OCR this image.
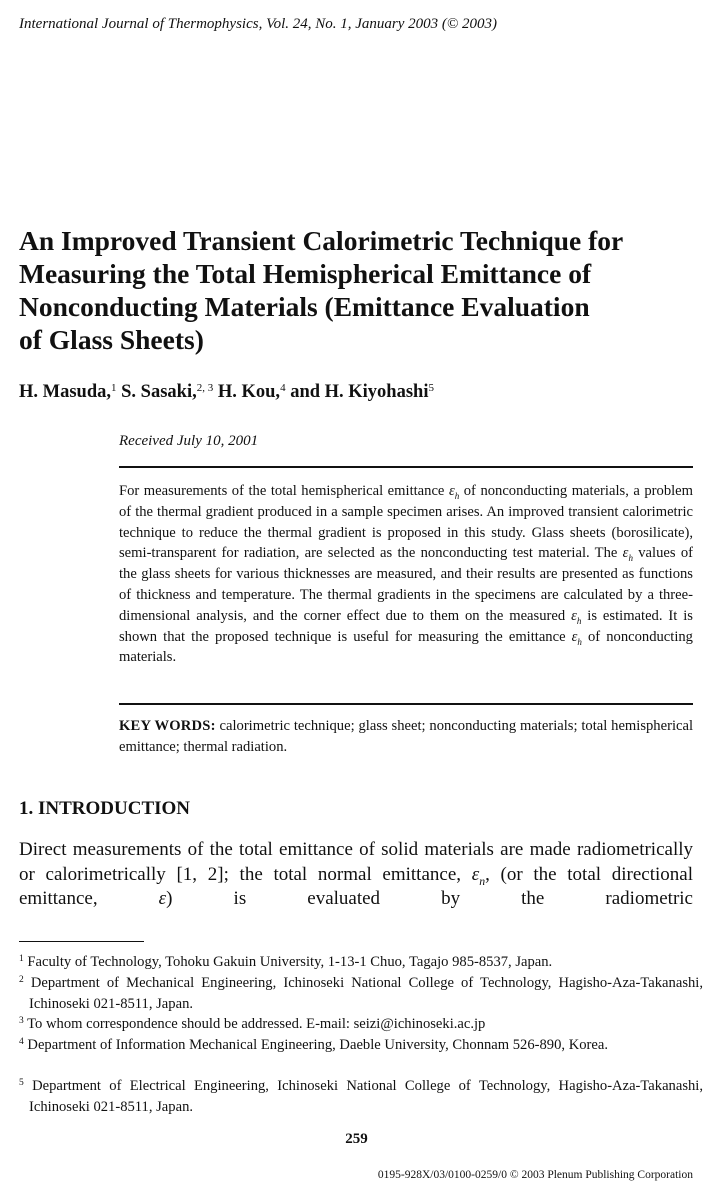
International Journal of Thermophysics, Vol. 24, No. 1, January 2003 (© 2003)
An Improved Transient Calorimetric Technique for
Measuring the Total Hemispherical Emittance of
Nonconducting Materials (Emittance Evaluation
of Glass Sheets)
H. Masuda,$^1$ S. Sasaki,$^{2, 3}$ H. Kou,$^4$ and H. Kiyohashi$^5$
Received July 10, 2001
For measurements of the total hemispherical emittance $\varepsilon_h$ of nonconducting materials, a problem of the thermal gradient produced in a sample specimen arises. An improved transient calorimetric technique to reduce the thermal gradient is proposed in this study. Glass sheets (borosilicate), semi-transparent for radiation, are selected as the nonconducting test material. The $\varepsilon_h$ values of the glass sheets for various thicknesses are measured, and their results are presented as functions of thickness and temperature. The thermal gradients in the specimens are calculated by a three-dimensional analysis, and the corner effect due to them on the measured $\varepsilon_h$ is estimated. It is shown that the proposed technique is useful for measuring the emittance $\varepsilon_h$ of nonconducting materials.
KEY WORDS: calorimetric technique; glass sheet; nonconducting materials; total hemispherical emittance; thermal radiation.
1. INTRODUCTION
Direct measurements of the total emittance of solid materials are made radiometrically or calorimetrically [1, 2]; the total normal emittance, $\varepsilon_n$, (or the total directional emittance, ε) is evaluated by the radiometric
$^1$ Faculty of Technology, Tohoku Gakuin University, 1-13-1 Chuo, Tagajo 985-8537, Japan.
$^2$ Department of Mechanical Engineering, Ichinoseki National College of Technology, Hagisho-Aza-Takanashi, Ichinoseki 021-8511, Japan.
$^3$ To whom correspondence should be addressed. E-mail: seizi@ichinoseki.ac.jp
$^4$ Department of Information Mechanical Engineering, Daeble University, Chonnam 526-890, Korea.
$^5$ Department of Electrical Engineering, Ichinoseki National College of Technology, Hagisho-Aza-Takanashi, Ichinoseki 021-8511, Japan.
259
0195-928X/03/0100-0259/0 © 2003 Plenum Publishing Corporation
